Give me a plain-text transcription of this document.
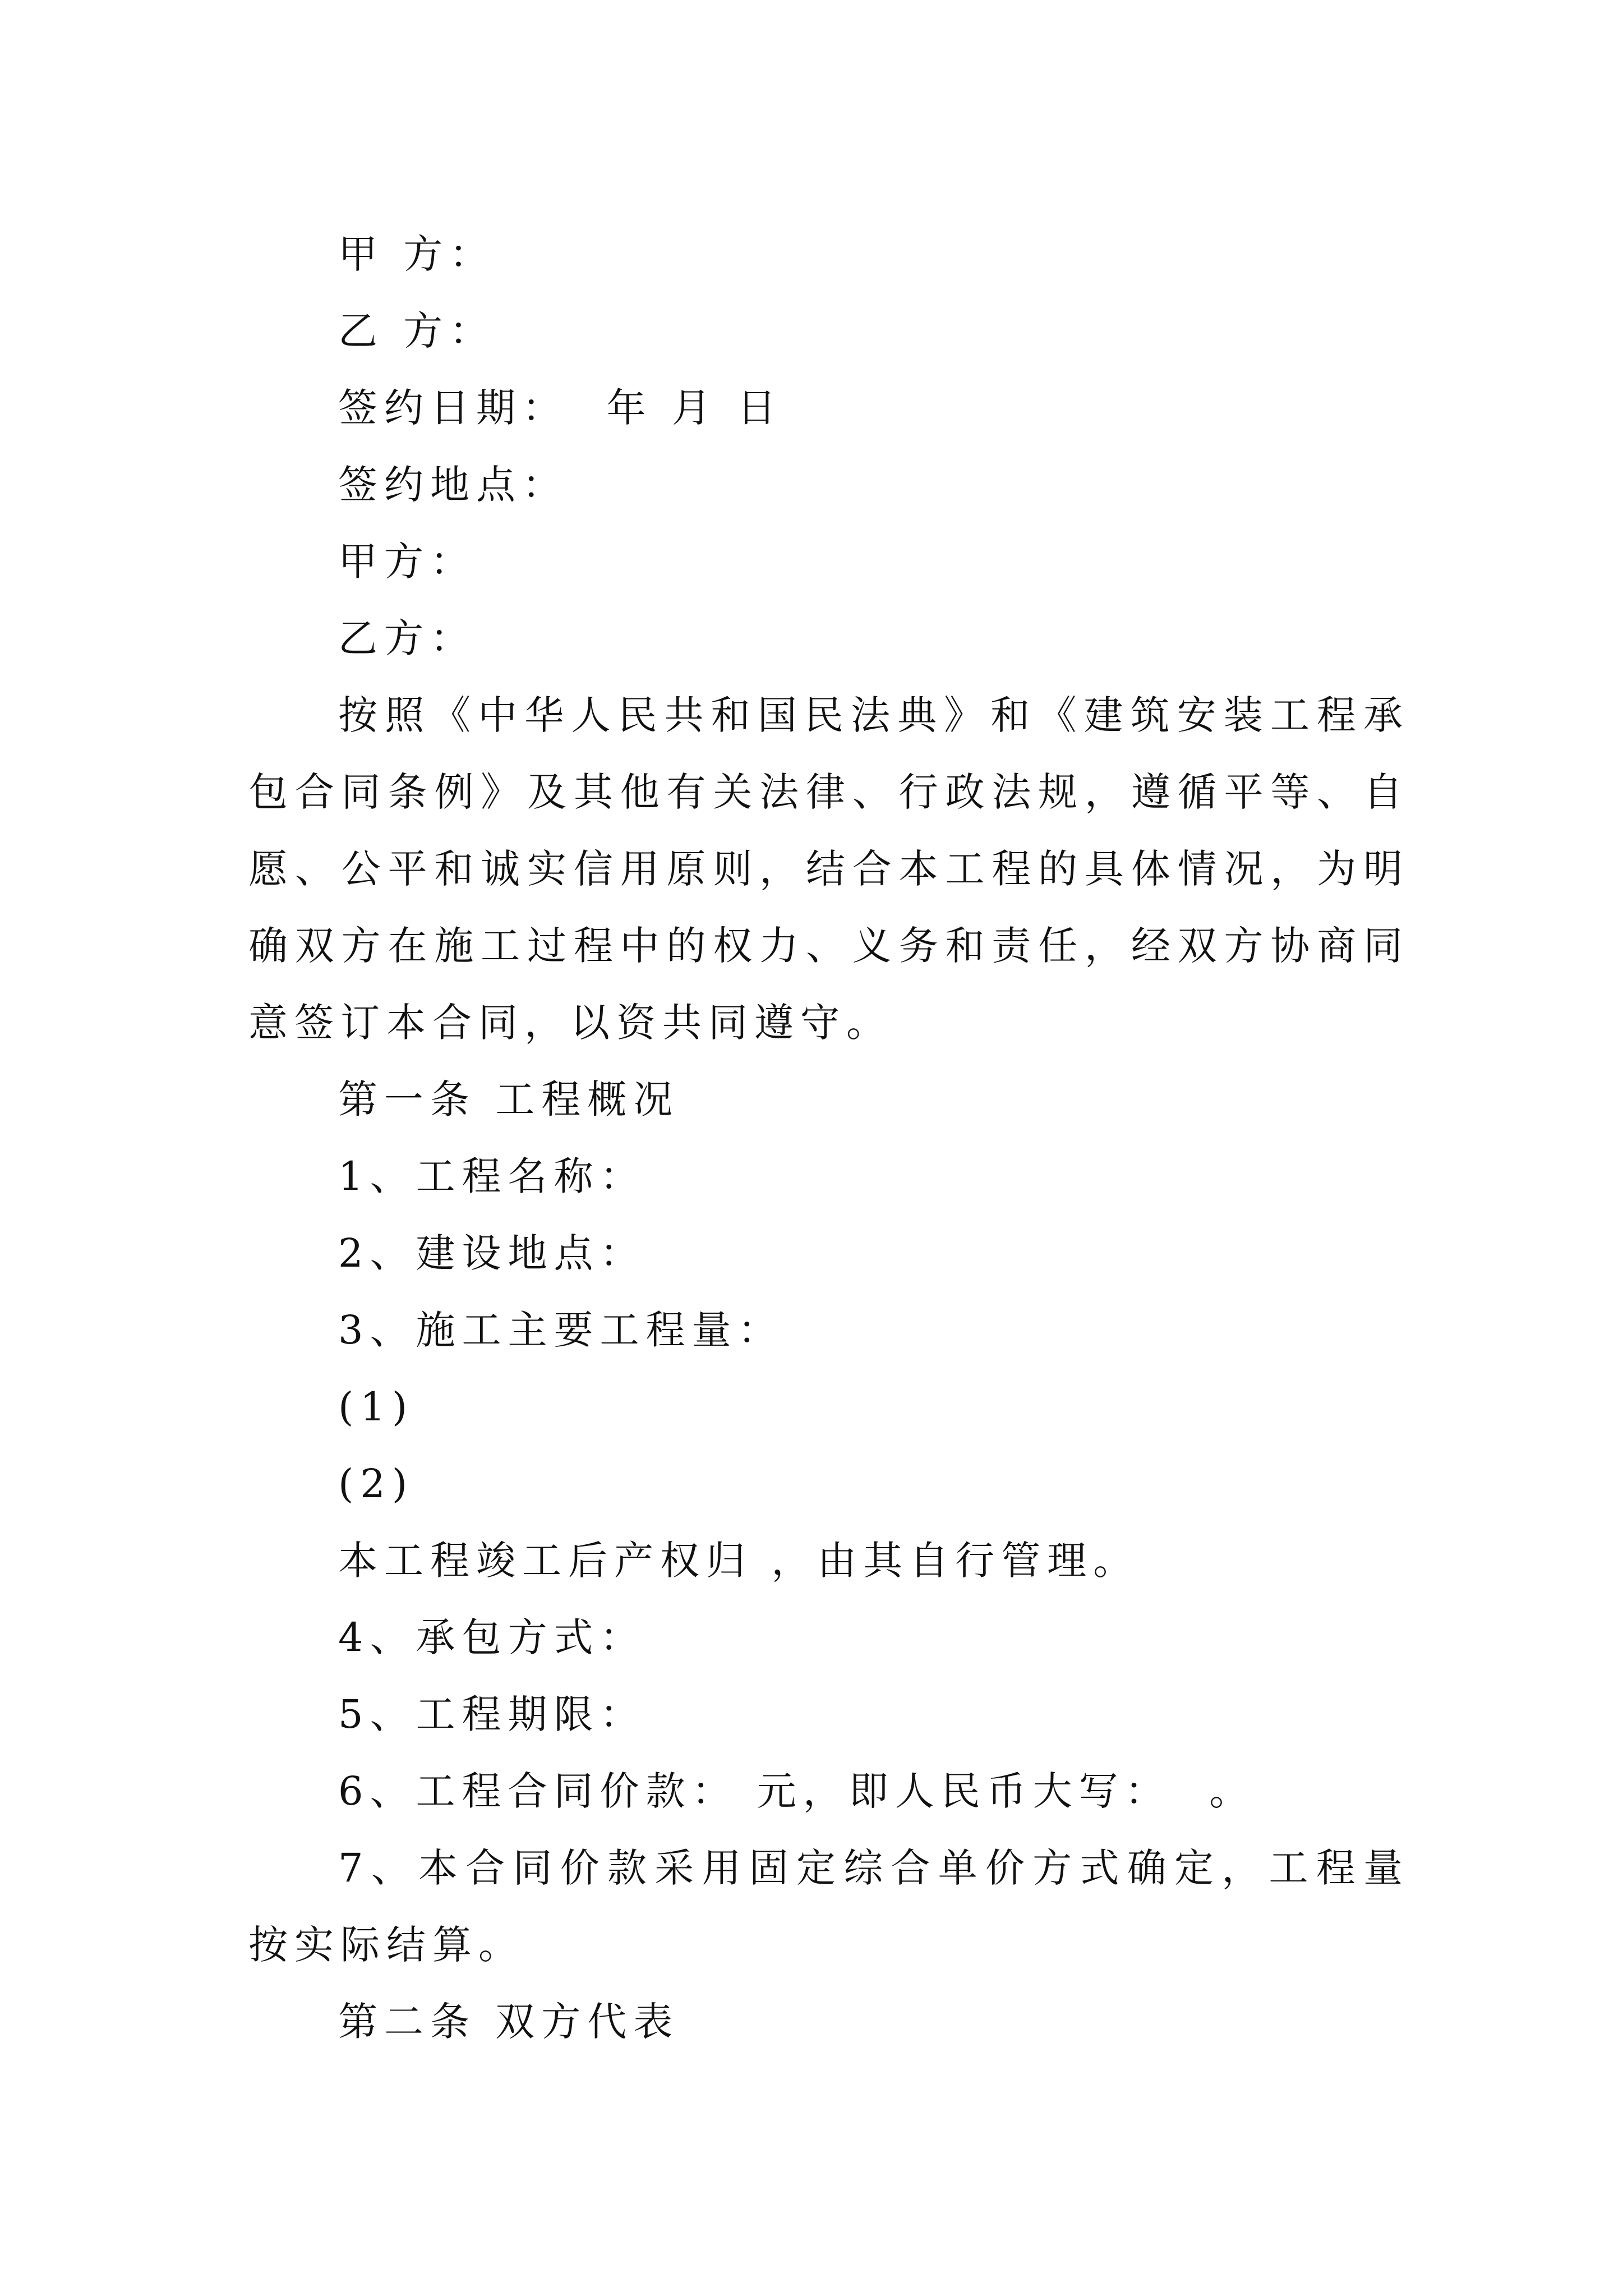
甲 方：
乙 方：
签约日期：  年 月 日
签约地点：
甲方：
乙方：

按照《中华人民共和国民法典》和《建筑安装工程承包合同条例》及其他有关法律、行政法规，遵循平等、自愿、公平和诚实信用原则，结合本工程的具体情况，为明确双方在施工过程中的权力、义务和责任，经双方协商同意签订本合同，以资共同遵守。

第一条 工程概况
1、工程名称：
2、建设地点：
3、施工主要工程量：
(1)
(2)
本工程竣工后产权归 ，由其自行管理。
4、承包方式：
5、工程期限：
6、工程合同价款： 元，即人民币大写：  。

7、本合同价款采用固定综合单价方式确定，工程量按实际结算。

第二条 双方代表
